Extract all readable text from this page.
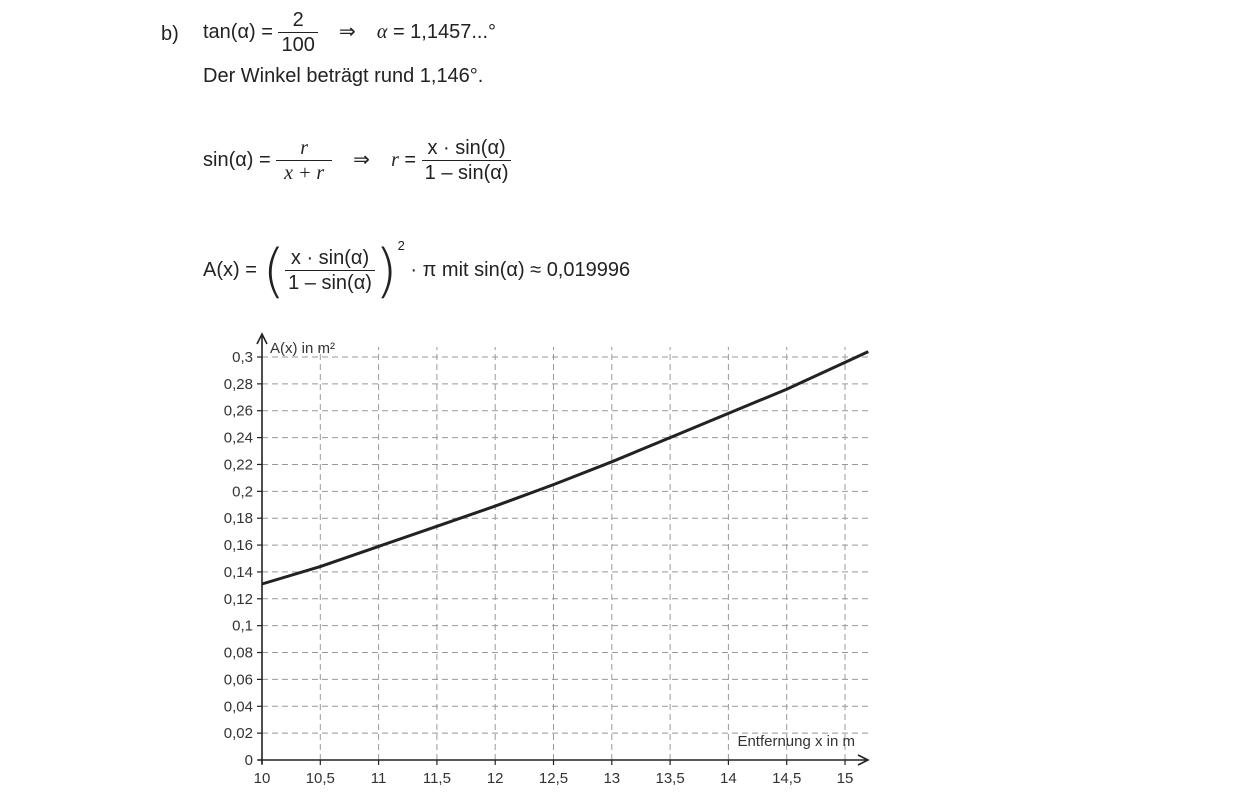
b) $\tan(\alpha) = \frac{2}{100}$ ⇒ α = 1,1457...°
Der Winkel beträgt rund 1,146°.
$\sin(\alpha) = \frac{r}{x + r}$ ⇒ $r = \frac{x \cdot \sin(\alpha)}{1 - \sin(\alpha)}$
A(x) = ( $\frac{x \cdot \sin(\alpha)}{1 - \sin(\alpha)} )^2 \cdot \pi$ mit sin(α) ≈ 0,019996
0
0,02
0,04
0,06
0,08
0,1
0,12
0,14
0,16
0,18
0,2
0,22
0,24
0,26
0,28
0,3
10 10,5 11 11,5 12 12,5 13 13,5 14 14,5 15
A(x) in m²
Entfernung x in m
